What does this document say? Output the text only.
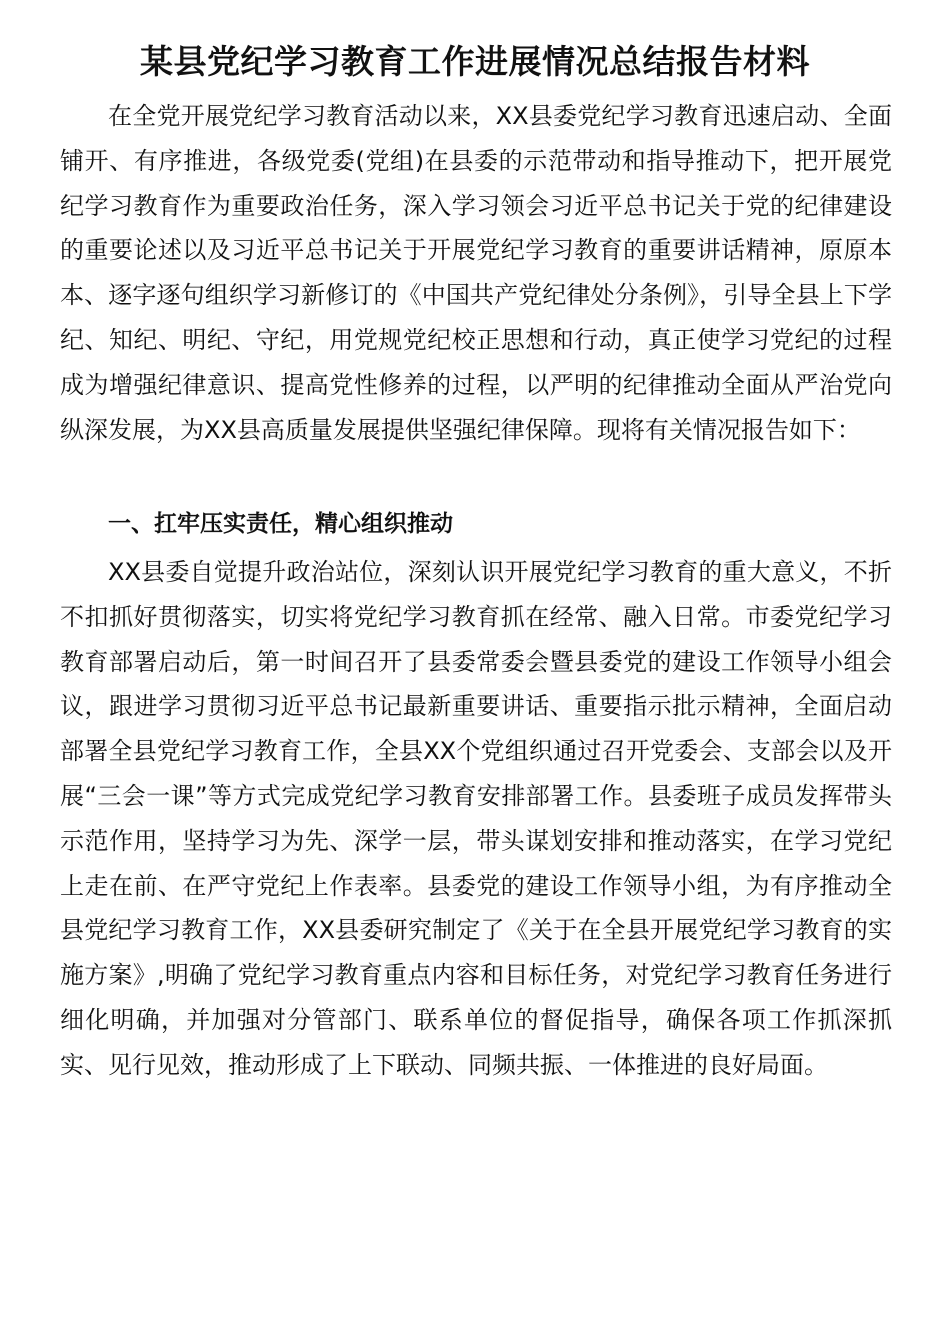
某县党纪学习教育工作进展情况总结报告材料

在全党开展党纪学习教育活动以来，XX县委党纪学习教育迅速启动、全面铺开、有序推进，各级党委(党组)在县委的示范带动和指导推动下，把开展党纪学习教育作为重要政治任务，深入学习领会习近平总书记关于党的纪律建设的重要论述以及习近平总书记关于开展党纪学习教育的重要讲话精神，原原本本、逐字逐句组织学习新修订的《中国共产党纪律处分条例》，引导全县上下学纪、知纪、明纪、守纪，用党规党纪校正思想和行动，真正使学习党纪的过程成为增强纪律意识、提高党性修养的过程，以严明的纪律推动全面从严治党向纵深发展，为XX县高质量发展提供坚强纪律保障。现将有关情况报告如下：

一、扛牢压实责任，精心组织推动

XX县委自觉提升政治站位，深刻认识开展党纪学习教育的重大意义，不折不扣抓好贯彻落实，切实将党纪学习教育抓在经常、融入日常。市委党纪学习教育部署启动后，第一时间召开了县委常委会暨县委党的建设工作领导小组会议，跟进学习贯彻习近平总书记最新重要讲话、重要指示批示精神，全面启动部署全县党纪学习教育工作，全县XX个党组织通过召开党委会、支部会以及开展“三会一课”等方式完成党纪学习教育安排部署工作。县委班子成员发挥带头示范作用，坚持学习为先、深学一层，带头谋划安排和推动落实，在学习党纪上走在前、在严守党纪上作表率。县委党的建设工作领导小组，为有序推动全县党纪学习教育工作，XX县委研究制定了《关于在全县开展党纪学习教育的实施方案》,明确了党纪学习教育重点内容和目标任务，对党纪学习教育任务进行细化明确，并加强对分管部门、联系单位的督促指导，确保各项工作抓深抓实、见行见效，推动形成了上下联动、同频共振、一体推进的良好局面。
